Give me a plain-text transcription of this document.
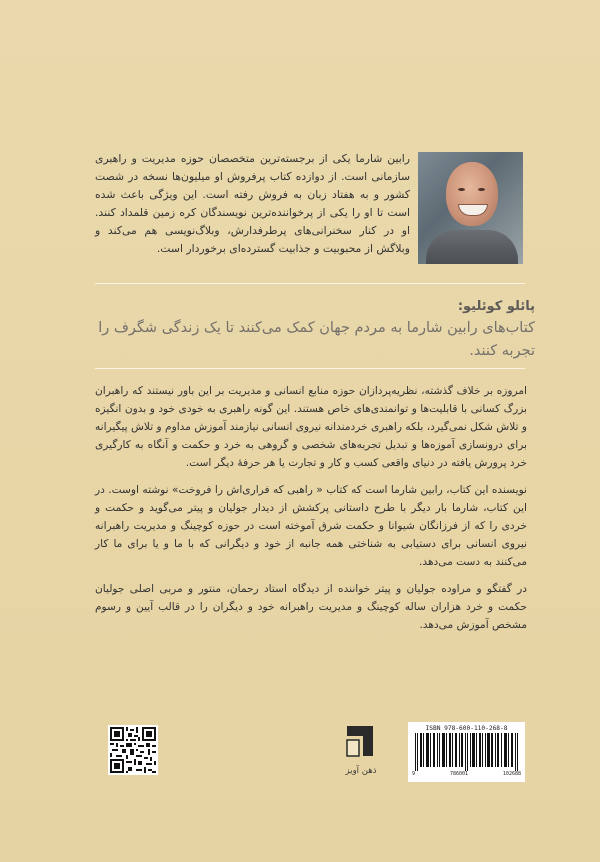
رابین شارما یکی از برجسته‌ترین متخصصان حوزه مدیریت و راهبری سازمانی است. از دوازده کتاب پرفروش او میلیون‌ها نسخه در شصت کشور و به هفتاد زبان به فروش رفته است. این ویژگی باعث شده است تا او را یکی از پرخواننده‌ترین نویسندگان کره زمین قلمداد کنند. او در کنار سخنرانی‌های پرطرفدارش، وبلاگ‌نویسی هم می‌کند و وبلاگش از محبوبیت و جذابیت گسترده‌ای برخوردار است.
پائلو کوئلیو:
کتاب‌های رابین شارما به مردم جهان کمک می‌کنند تا یک زندگی شگرف را تجربه کنند.

امروزه بر خلاف گذشته، نظریه‌پردازان حوزه منابع انسانی و مدیریت بر این باور نیستند که راهبران بزرگ کسانی با قابلیت‌ها و توانمندی‌های خاص هستند. این گونه راهبری به خودی خود و بدون انگیزه و تلاش شکل نمی‌گیرد، بلکه راهبری خردمندانه نیروی انسانی نیازمند آموزش مداوم و تلاش پیگیرانه برای درونسازی آموزه‌ها و تبدیل تجربه‌های شخصی و گروهی به خرد و حکمت و آنگاه به کارگیری خرد پرورش یافته در دنیای واقعی کسب و کار و تجارت یا هر حرفه‌ٔ دیگر است.

نویسنده این کتاب، رابین شارما است که کتاب « راهبی که فراری‌اش را فروخت» نوشته اوست. در این کتاب، شارما بار دیگر با طرح داستانی پرکشش از دیدار جولیان و پیتر می‌گوید و حکمت و خردی را که از فرزانگان شیوانا و حکمت شرق آموخته است در حوزه کوچینگ و مدیریت راهبرانه نیروی انسانی برای دستیابی به شناختی همه جانبه از خود و دیگرانی که با ما و یا برای ما کار می‌کنند به دست می‌دهد.

در گفتگو و مراوده جولیان و پیتر خواننده از دیدگاه استاد رحمان، منتور و مربی اصلی جولیان حکمت و خرد هزاران ساله کوچینگ و مدیریت راهبرانه خود و دیگران را در قالب آیین و رسوم مشخص آموزش می‌دهد.

ذهن آویز
ISBN 978-600-110-268-8
9	786001	102688
